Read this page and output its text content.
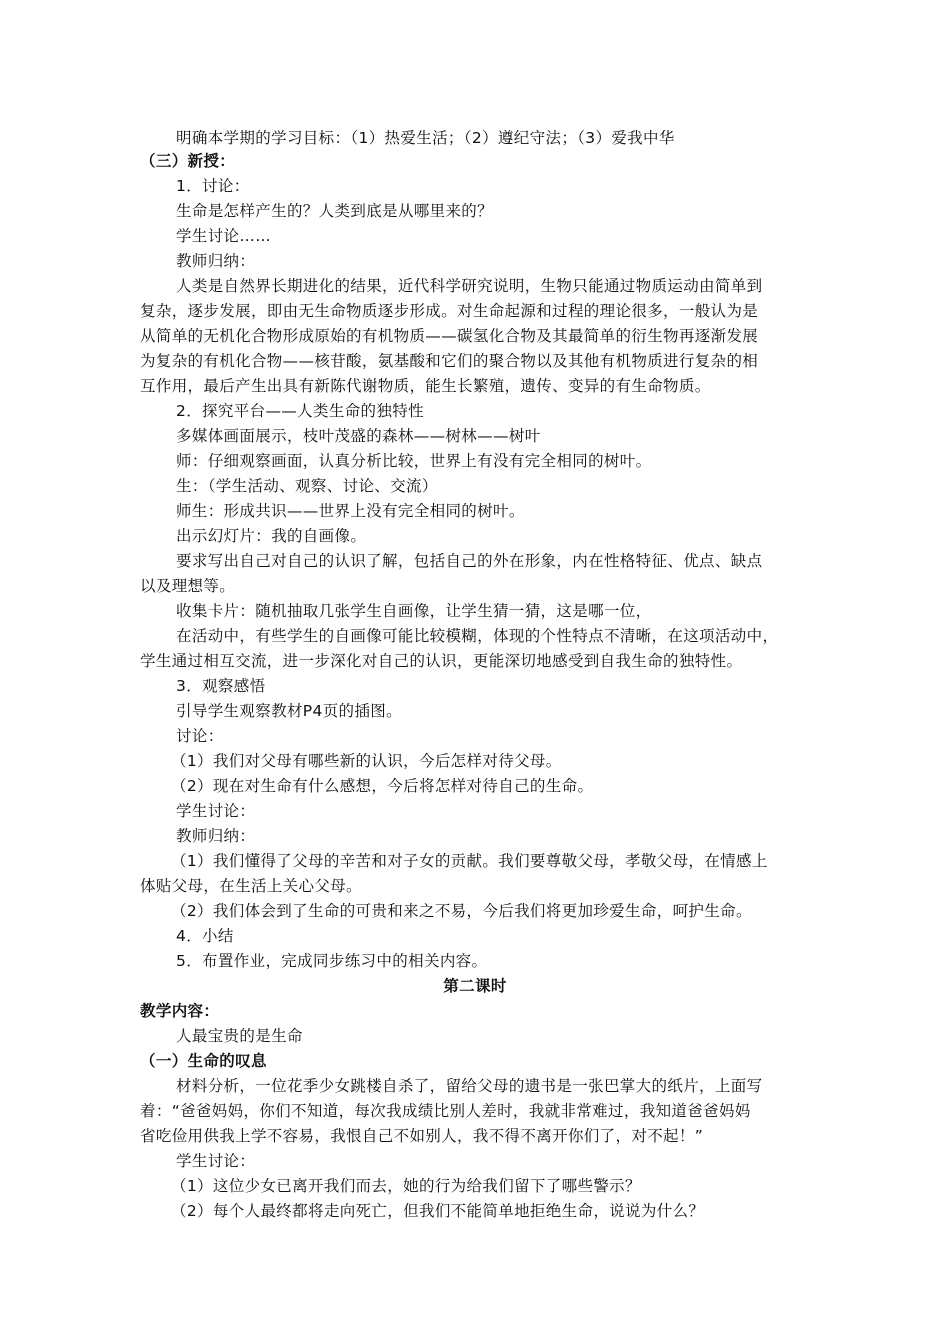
明确本学期的学习目标：（1）热爱生活；（2）遵纪守法；（3）爱我中华
（三）新授：
1．讨论：
生命是怎样产生的？人类到底是从哪里来的？
学生讨论……
教师归纳：
人类是自然界长期进化的结果，近代科学研究说明，生物只能通过物质运动由简单到
复杂，逐步发展，即由无生命物质逐步形成。对生命起源和过程的理论很多，一般认为是
从简单的无机化合物形成原始的有机物质——碳氢化合物及其最简单的衍生物再逐渐发展
为复杂的有机化合物——核苷酸，氨基酸和它们的聚合物以及其他有机物质进行复杂的相
互作用，最后产生出具有新陈代谢物质，能生长繁殖，遗传、变异的有生命物质。
2．探究平台——人类生命的独特性
多媒体画面展示，枝叶茂盛的森林——树林——树叶
师：仔细观察画面，认真分析比较，世界上有没有完全相同的树叶。
生：（学生活动、观察、讨论、交流）
师生：形成共识——世界上没有完全相同的树叶。
出示幻灯片：我的自画像。
要求写出自己对自己的认识了解，包括自己的外在形象，内在性格特征、优点、缺点
以及理想等。
收集卡片：随机抽取几张学生自画像，让学生猜一猜，这是哪一位，
在活动中，有些学生的自画像可能比较模糊，体现的个性特点不清晰，在这项活动中，
学生通过相互交流，进一步深化对自己的认识，更能深切地感受到自我生命的独特性。
3．观察感悟
引导学生观察教材P4页的插图。
讨论：
（1）我们对父母有哪些新的认识，今后怎样对待父母。
（2）现在对生命有什么感想，今后将怎样对待自己的生命。
学生讨论：
教师归纳：
（1）我们懂得了父母的辛苦和对子女的贡献。我们要尊敬父母，孝敬父母，在情感上
体贴父母，在生活上关心父母。
（2）我们体会到了生命的可贵和来之不易，今后我们将更加珍爱生命，呵护生命。
4．小结
5．布置作业，完成同步练习中的相关内容。
第二课时
教学内容：
人最宝贵的是生命
（一）生命的叹息
材料分析，一位花季少女跳楼自杀了，留给父母的遗书是一张巴掌大的纸片，上面写
着：“爸爸妈妈，你们不知道，每次我成绩比别人差时，我就非常难过，我知道爸爸妈妈
省吃俭用供我上学不容易，我恨自己不如别人，我不得不离开你们了，对不起！”
学生讨论：
（1）这位少女已离开我们而去，她的行为给我们留下了哪些警示？
（2）每个人最终都将走向死亡，但我们不能简单地拒绝生命，说说为什么？
